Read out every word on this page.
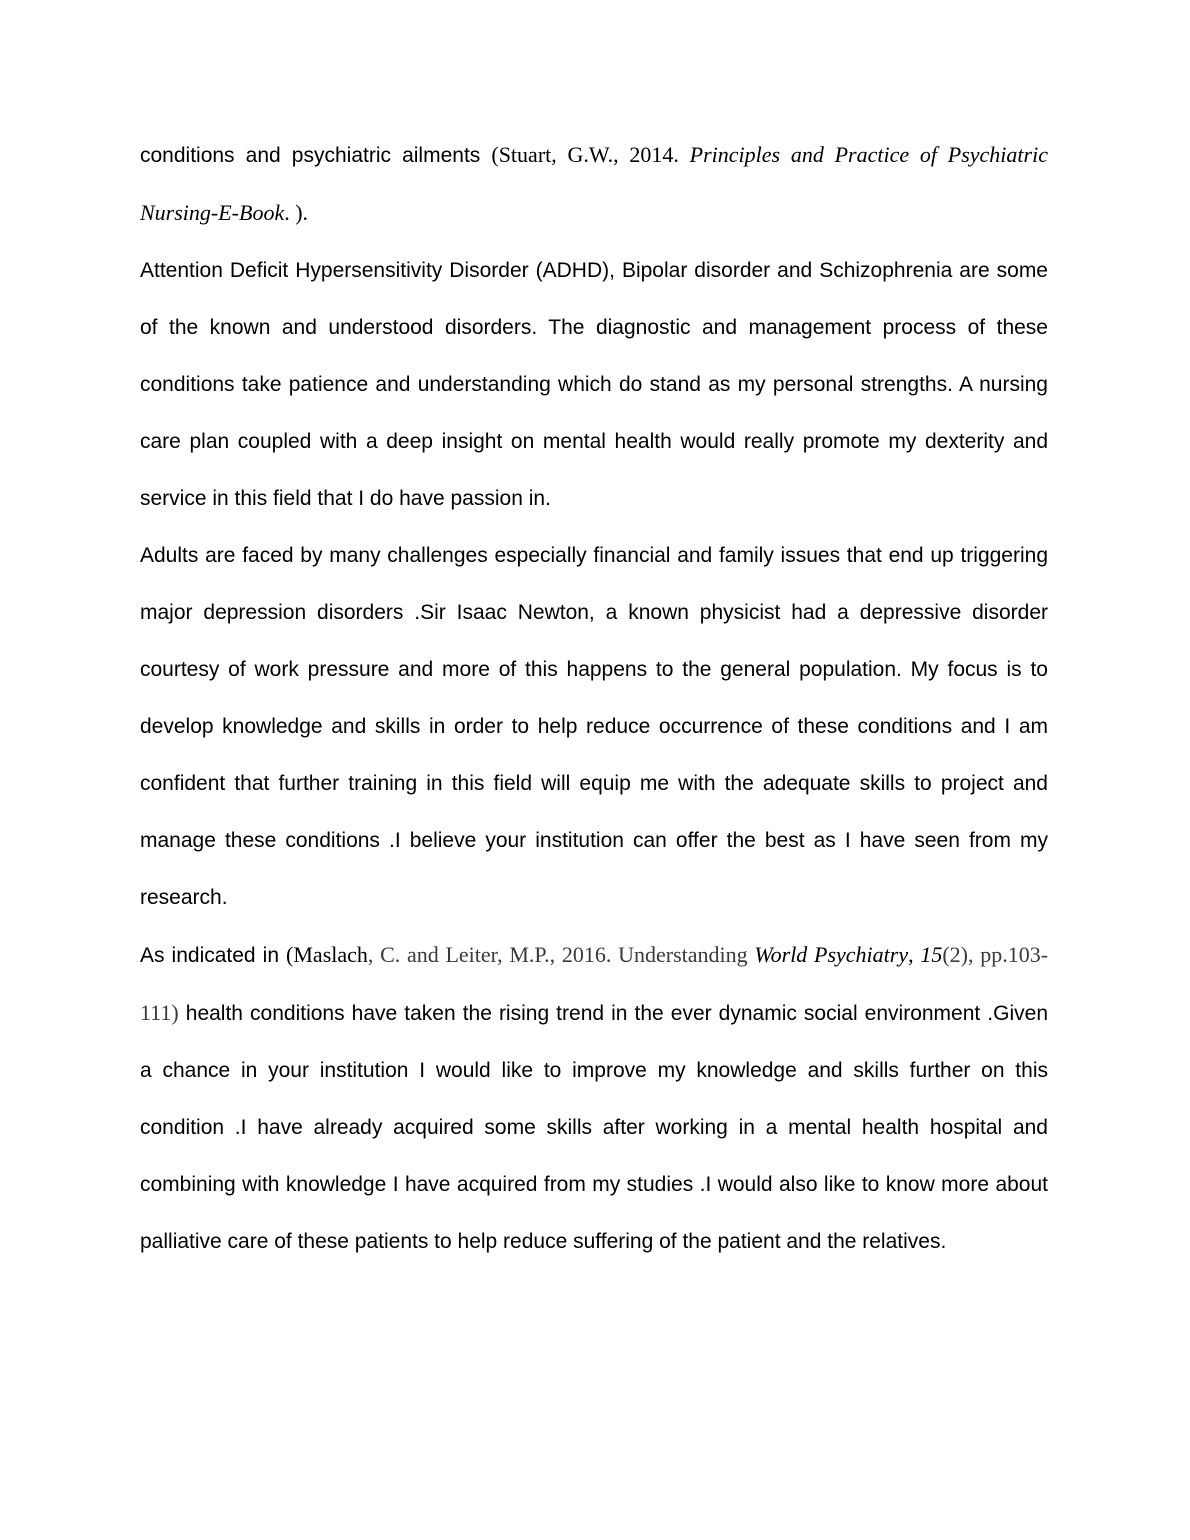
conditions and psychiatric ailments (Stuart, G.W., 2014. Principles and Practice of Psychiatric Nursing-E-Book. ).

Attention Deficit Hypersensitivity Disorder (ADHD), Bipolar disorder and Schizophrenia are some of the known and understood disorders. The diagnostic and management process of these conditions take patience and understanding which do stand as my personal strengths. A nursing care plan coupled with a deep insight on mental health would really promote my dexterity and service in this field that I do have passion in.

Adults are faced by many challenges especially financial and family issues that end up triggering major depression disorders .Sir Isaac Newton, a known physicist had a depressive disorder courtesy of work pressure and more of this happens to the general population. My focus is to develop knowledge and skills in order to help reduce occurrence of these conditions and I am confident that further training in this field will equip me with the adequate skills to project and manage these conditions .I believe your institution can offer the best as I have seen from my research.

As indicated in (Maslach, C. and Leiter, M.P., 2016. Understanding World Psychiatry, 15(2), pp.103-111) health conditions have taken the rising trend in the ever dynamic social environment .Given a chance in your institution I would like to improve my knowledge and skills further on this condition .I have already acquired some skills after working in a mental health hospital and combining with knowledge I have acquired from my studies .I would also like to know more about palliative care of these patients to help reduce suffering of the patient and the relatives.
